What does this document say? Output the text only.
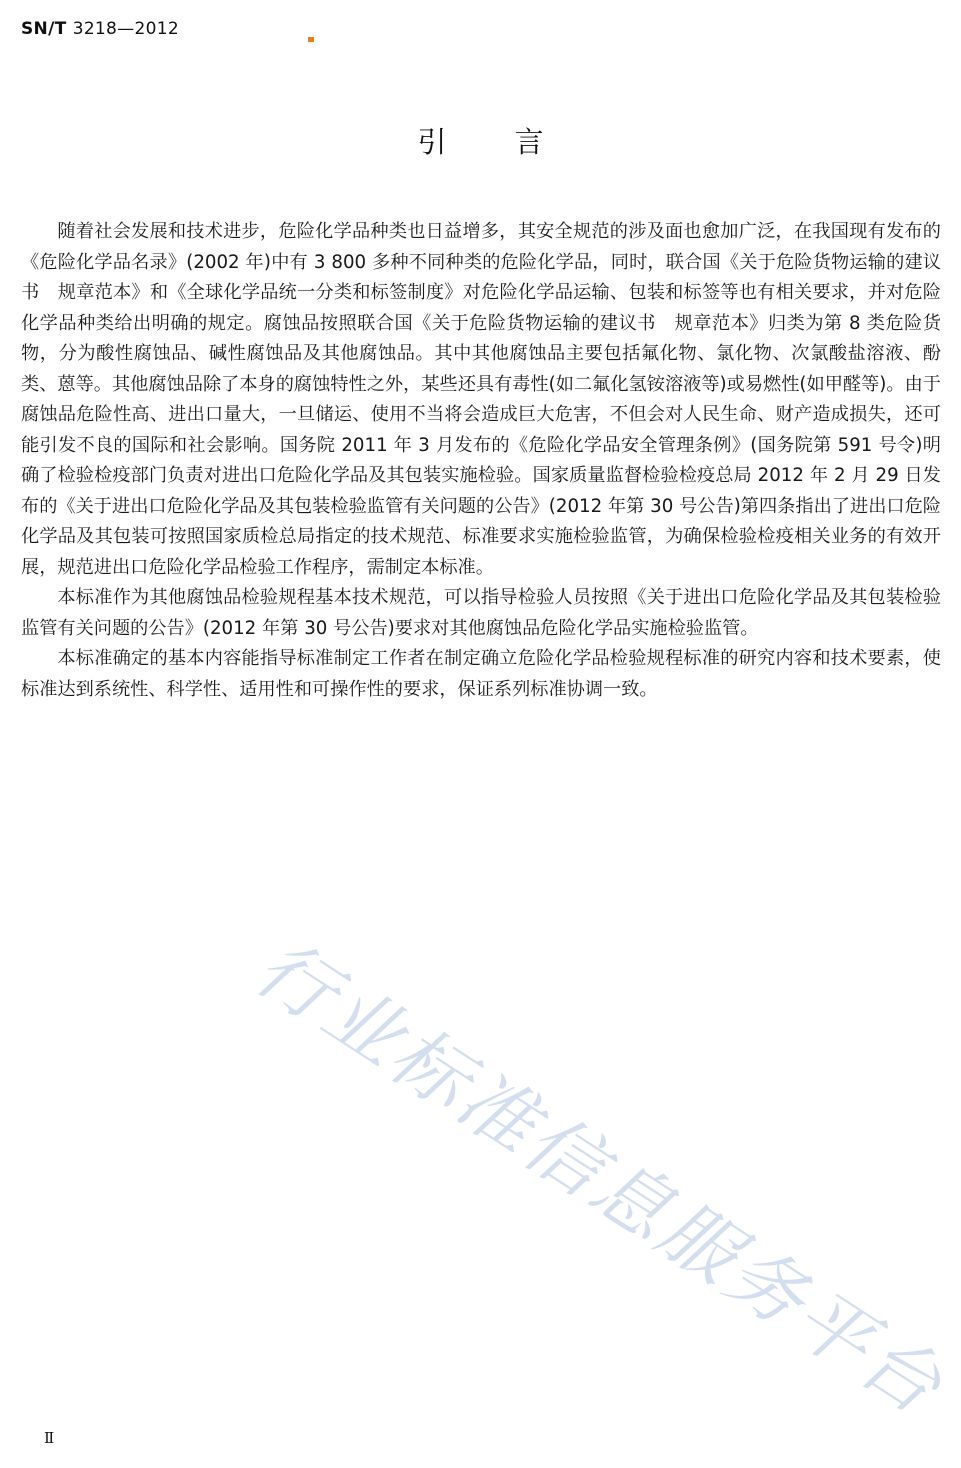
SN/T 3218—2012
引言

随着社会发展和技术进步，危险化学品种类也日益增多，其安全规范的涉及面也愈加广泛，在我国现有发布的《危险化学品名录》(2002 年)中有 3 800 多种不同种类的危险化学品，同时，联合国《关于危险货物运输的建议书　规章范本》和《全球化学品统一分类和标签制度》对危险化学品运输、包装和标签等也有相关要求，并对危险化学品种类给出明确的规定。腐蚀品按照联合国《关于危险货物运输的建议书　规章范本》归类为第 8 类危险货物，分为酸性腐蚀品、碱性腐蚀品及其他腐蚀品。其中其他腐蚀品主要包括氟化物、氯化物、次氯酸盐溶液、酚类、蒽等。其他腐蚀品除了本身的腐蚀特性之外，某些还具有毒性(如二氟化氢铵溶液等)或易燃性(如甲醛等)。由于腐蚀品危险性高、进出口量大，一旦储运、使用不当将会造成巨大危害，不但会对人民生命、财产造成损失，还可能引发不良的国际和社会影响。国务院 2011 年 3 月发布的《危险化学品安全管理条例》(国务院第 591 号令)明确了检验检疫部门负责对进出口危险化学品及其包装实施检验。国家质量监督检验检疫总局 2012 年 2 月 29 日发布的《关于进出口危险化学品及其包装检验监管有关问题的公告》(2012 年第 30 号公告)第四条指出了进出口危险化学品及其包装可按照国家质检总局指定的技术规范、标准要求实施检验监管，为确保检验检疫相关业务的有效开展，规范进出口危险化学品检验工作程序，需制定本标准。

本标准作为其他腐蚀品检验规程基本技术规范，可以指导检验人员按照《关于进出口危险化学品及其包装检验监管有关问题的公告》(2012 年第 30 号公告)要求对其他腐蚀品危险化学品实施检验监管。

本标准确定的基本内容能指导标准制定工作者在制定确立危险化学品检验规程标准的研究内容和技术要素，使标准达到系统性、科学性、适用性和可操作性的要求，保证系列标准协调一致。

行业标准信息服务平台
Ⅱ
